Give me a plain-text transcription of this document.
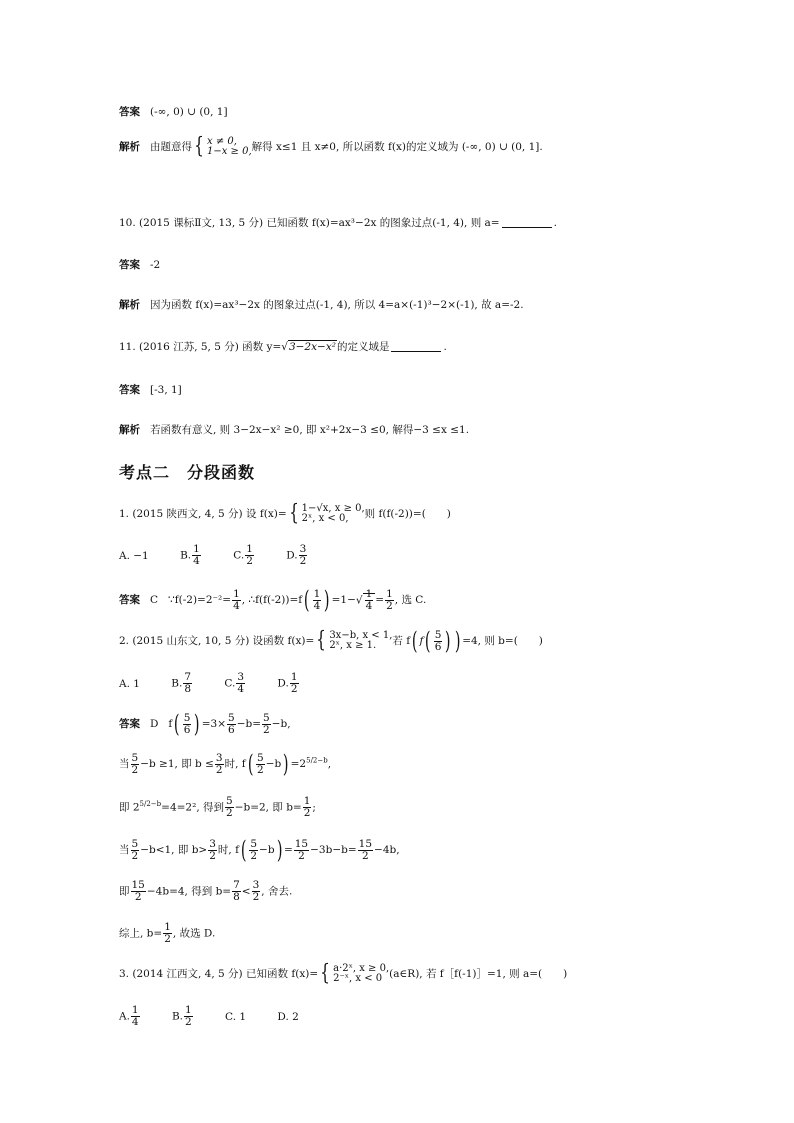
答案 (-∞, 0) ∪ (0, 1]
解析 由题意得{ x ≠ 0,
1−x ≥ 0, 解得 x≤1 且 x≠0, 所以函数 f(x)的定义域为 (-∞, 0) ∪ (0, 1].
10. (2015 课标Ⅱ文, 13, 5 分) 已知函数 f(x)=ax³−2x 的图象过点(-1, 4), 则 a=	.
答案 -2
解析 因为函数 f(x)=ax³−2x 的图象过点(-1, 4), 所以 4=a×(-1)³−2×(-1), 故 a=-2.
11. (2016 江苏, 5, 5 分) 函数 y=√3−2x−x²的定义域是	.
答案 [-3, 1]
解析 若函数有意义, 则 3−2x−x² ≥0, 即 x²+2x−3 ≤0, 解得−3 ≤x ≤1.
考点二　分段函数
1. (2015 陕西文, 4, 5 分) 设 f(x)={ 1−√x, x ≥ 0,
2ˣ, x < 0,	则 f(f(-2))=(　　)
A. −1	B. $\frac{1}{4}$	C. $\frac{1}{2}$	D. $\frac{3}{2}$
答案 C ∵f(-2)=2⁻²= $\frac{1}{4}$ , ∴f(f(-2))=f( $\frac{1}{4}$ ) $=1-√ \frac{1}{4} = \frac{1}{2}$ , 选 C.
2. (2015 山东文, 10, 5 分) 设函数 f(x)={ 3x−b, x < 1,
2ˣ, x ≥ 1.	若 f( $f( \frac{5}{6}$ ) ) =4, 则 b=(　　)
A. 1	B. $\frac{7}{8}$	C. $\frac{3}{4}$	D. $\frac{1}{2}$
答案 D $f( \frac{5}{6}$ ) $=3\times \frac{5}{6} -b= \frac{5}{2} -b$,
当 $\frac{5}{2} -b \ge 1$, 即 $b \le \frac{3}{2}$ 时, $f( \frac{5}{2} -b) =2^{5/2-b}$,
即 $2^{5/2-b}=4=2^2$, 得到 $\frac{5}{2} -b=2$, 即 $b= \frac{1}{2}$ ;
当 $\frac{5}{2} -b<1$, 即 $b> \frac{3}{2}$ 时, $f( \frac{5}{2} -b) = \frac{15}{2} -3b-b= \frac{15}{2} -4b$,
即 $\frac{15}{2} -4b=4$, 得到 $b= \frac{7}{8} < \frac{3}{2}$ , 舍去.
综上, $b= \frac{1}{2}$ , 故选 D.
3. (2014 江西文, 4, 5 分) 已知函数 f(x)={ a·2ˣ, x ≥ 0,
2⁻ˣ, x < 0 (a∈R), 若 f［f(-1)］=1, 则 a=(　　)
A. $\frac{1}{4}$	B. $\frac{1}{2}$	C. 1	D. 2
